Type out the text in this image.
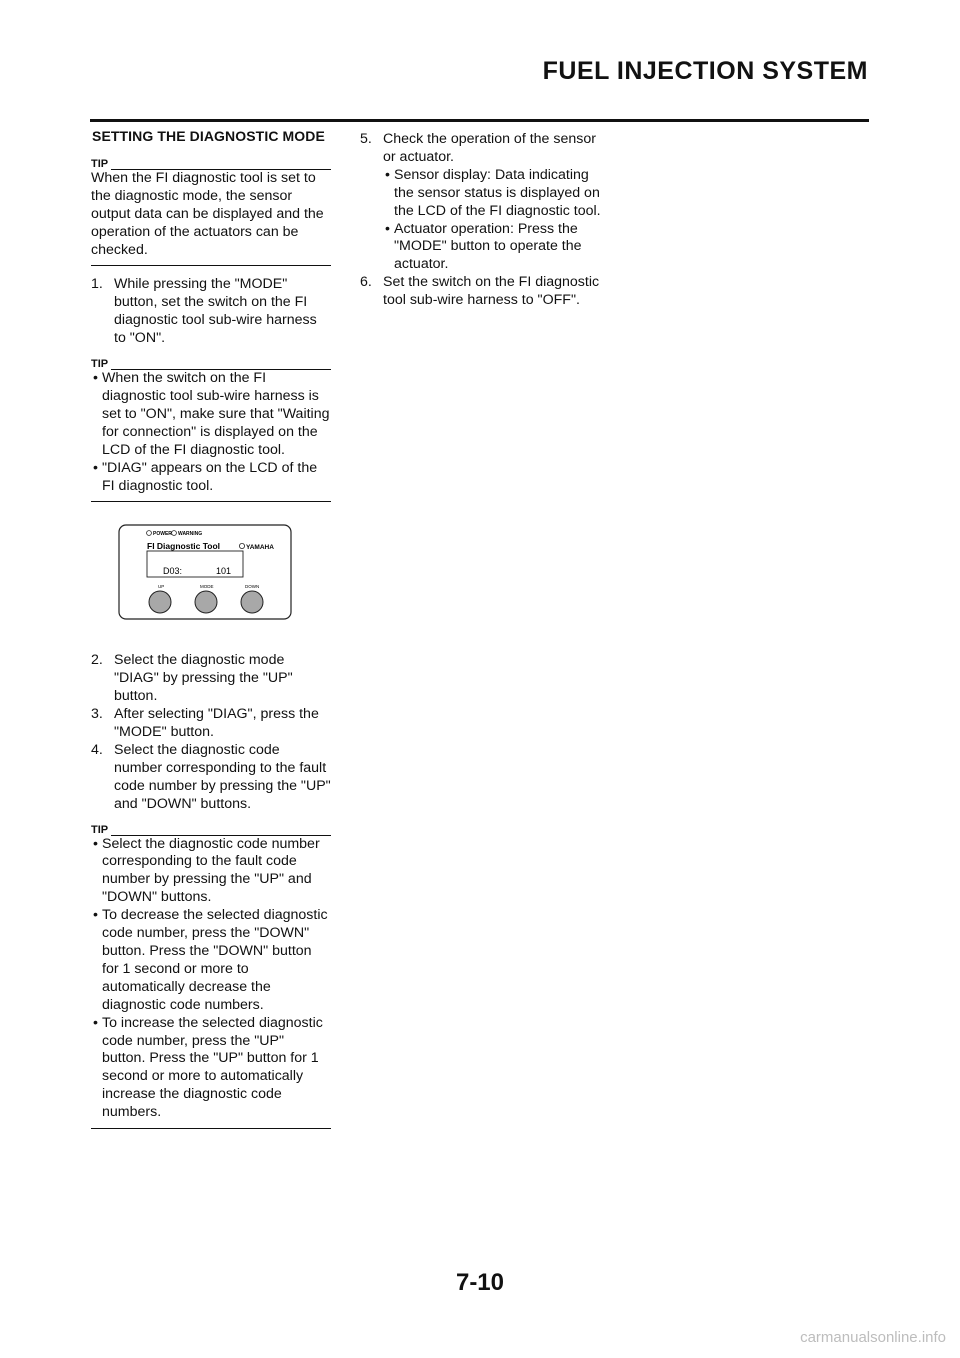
FUEL INJECTION SYSTEM
SETTING THE DIAGNOSTIC MODE
TIP

When the FI diagnostic tool is set to the diagnostic mode, the sensor output data can be displayed and the operation of the actuators can be checked.

1. While pressing the "MODE" button, set the switch on the FI diagnostic tool sub-wire harness to "ON".
TIP
• When the switch on the FI diagnostic tool sub-wire harness is set to "ON", make sure that "Waiting for connection" is displayed on the LCD of the FI diagnostic tool.
• "DIAG" appears on the LCD of the FI diagnostic tool.
2. Select the diagnostic mode "DIAG" by pressing the "UP" button.
3. After selecting "DIAG", press the "MODE" button.
4. Select the diagnostic code number corresponding to the fault code number by pressing the "UP" and "DOWN" buttons.
TIP
• Select the diagnostic code number corresponding to the fault code number by pressing the "UP" and "DOWN" buttons.
• To decrease the selected diagnostic code number, press the "DOWN" button. Press the "DOWN" button for 1 second or more to automatically decrease the diagnostic code numbers.
• To increase the selected diagnostic code number, press the "UP" button. Press the "UP" button for 1 second or more to automatically increase the diagnostic code numbers.
POWER WARNING
FI Diagnostic Tool	YAMAHA
D03:	101
UP	MODE	DOWN
5. Check the operation of the sensor or actuator.
• Sensor display: Data indicating the sensor status is displayed on the LCD of the FI diagnostic tool.
• Actuator operation: Press the "MODE" button to operate the actuator.
6. Set the switch on the FI diagnostic tool sub-wire harness to "OFF".
7-10
carmanualsonline.info
